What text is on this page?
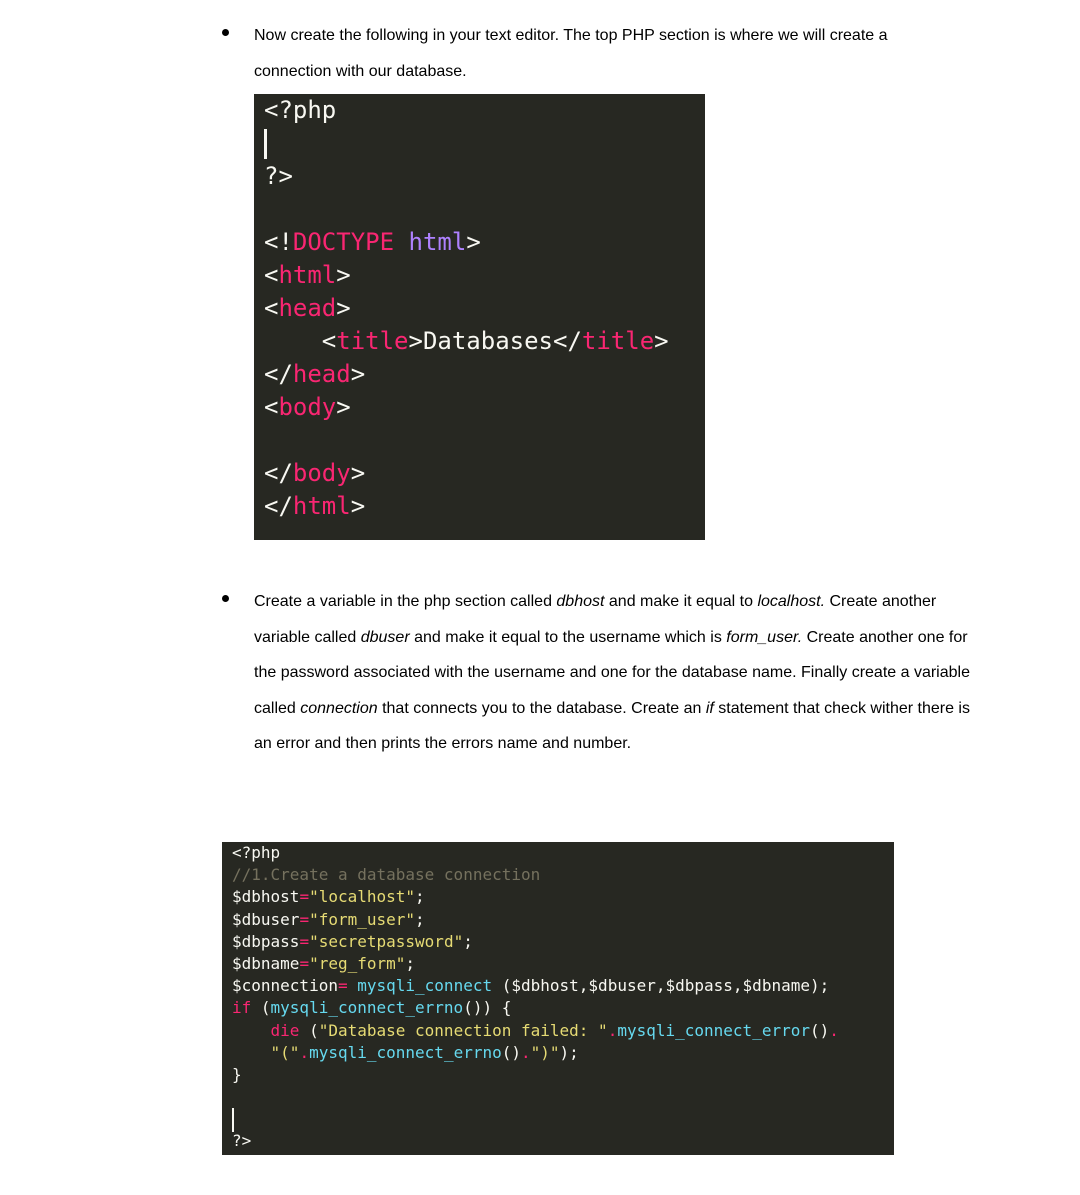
Now create the following in your text editor. The top PHP section is where we will create a connection with our database.
<?php
?>

<!DOCTYPE html>
<html>
<head>
<title>Databases</title>
</head>
<body>

</body>
</html>
Create a variable in the php section called dbhost and make it equal to localhost. Create another variable called dbuser and make it equal to the username which is form_user. Create another one for the password associated with the username and one for the database name. Finally create a variable called connection that connects you to the database. Create an if statement that check wither there is an error and then prints the errors name and number.
<?php
//1.Create a database connection
$dbhost="localhost";
$dbuser="form_user";
$dbpass="secretpassword";
$dbname="reg_form";
$connection= mysqli_connect ($dbhost,$dbuser,$dbpass,$dbname);
if (mysqli_connect_errno()) {
die ("Database connection failed: ".mysqli_connect_error().
"(".mysqli_connect_errno().")");
}

?>
